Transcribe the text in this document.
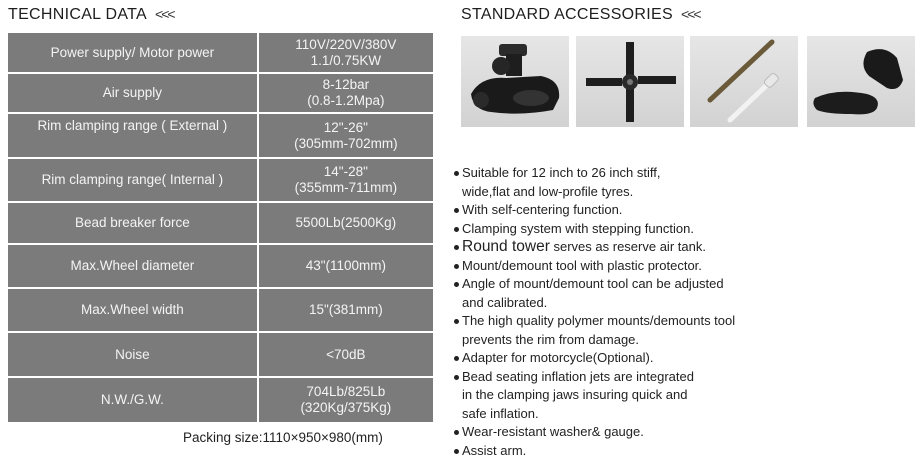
TECHNICAL DATA <<<
Power supply/ Motor power	110V/220V/380V
1.1/0.75KW
Air supply	8-12bar
(0.8-1.2Mpa)
Rim clamping range ( External )	12"-26"
(305mm-702mm)
Rim clamping range( Internal )	14"-28"
(355mm-711mm)
Bead breaker force	5500Lb(2500Kg)
Max.Wheel diameter	43"(1100mm)
Max.Wheel width	15"(381mm)
Noise	<70dB
N.W./G.W.	704Lb/825Lb
(320Kg/375Kg)
Packing size:1110×950×980(mm)
STANDARD ACCESSORIES <<<
Suitable for 12 inch to 26 inch stiff,
wide,flat and low-profile tyres.
With self-centering function.
Clamping system with stepping function.
Round tower serves as reserve air tank.
Mount/demount tool with plastic protector.
Angle of mount/demount tool can be adjusted
and calibrated.
The high quality polymer mounts/demounts tool
prevents the rim from damage.
Adapter for motorcycle(Optional).
Bead seating inflation jets are integrated
in the clamping jaws insuring quick and
safe inflation.
Wear-resistant washer& gauge.
Assist arm.
